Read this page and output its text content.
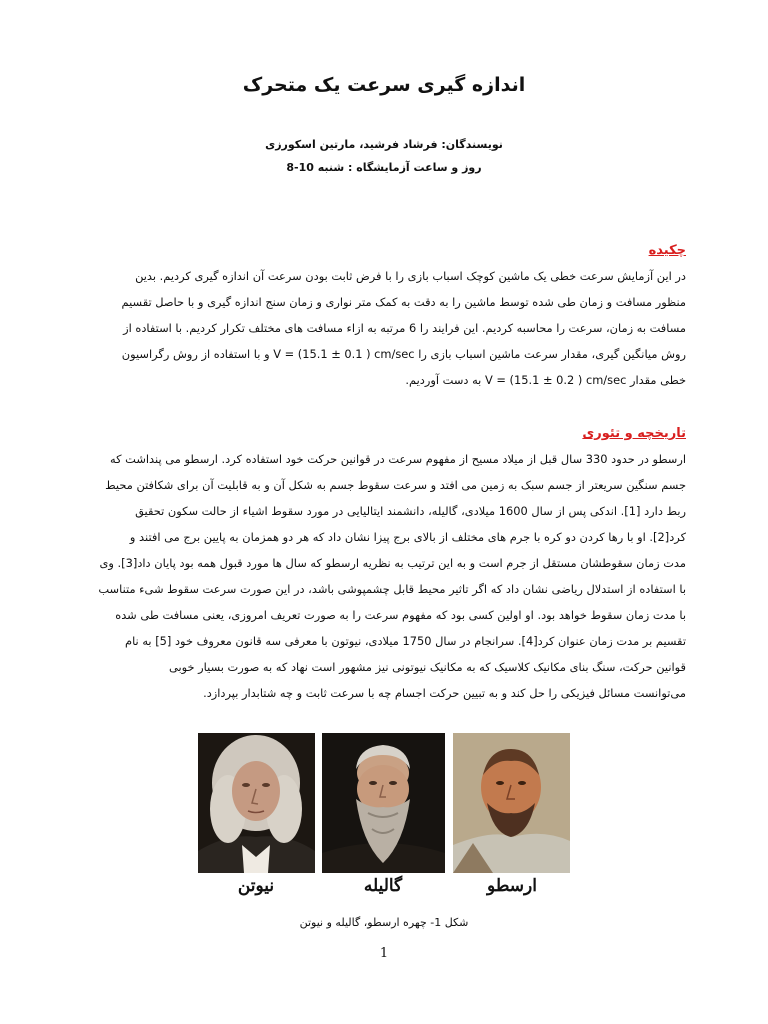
اندازه گیری سرعت یک متحرک
نویسندگان: فرشاد فرشید، مارتین اسکورزی
روز و ساعت آزمایشگاه : شنبه 10-8
چکیده
در این آزمایش سرعت خطی یک ماشین کوچک اسباب بازی را با فرض ثابت بودن سرعت آن اندازه گیری کردیم. بدین
منظور مسافت و زمان طی شده توسط ماشین را به دقت به کمک متر نواری و زمان سنج اندازه گیری و با حاصل تقسیم
مسافت به زمان، سرعت را محاسبه کردیم. این فرایند را 6 مرتبه به ازاء مسافت های مختلف تکرار کردیم. با استفاده از
روش میانگین گیری، مقدار سرعت ماشین اسباب بازی را V = (15.1 ± 0.1 ) cm/sec و با استفاده از روش رگراسیون
خطی مقدار V = (15.1 ± 0.2 ) cm/sec به دست آوردیم.
تاریخچه و تئوری
ارسطو در حدود 330 سال قبل از میلاد مسیح از مفهوم سرعت در قوانین حرکت خود استفاده کرد. ارسطو می پنداشت که
جسم سنگین سریعتر از جسم سبک به زمین می افتد و سرعت سقوط جسم به شکل آن و به قابلیت آن برای شکافتن محیط
ربط دارد [1]. اندکی پس از سال 1600 میلادی، گالیله، دانشمند ایتالیایی در مورد سقوط اشیاء از حالت سکون تحقیق
کرد[2]. او با رها کردن دو کره با جرم های مختلف از بالای برج پیزا نشان داد که هر دو همزمان به پایین برج می افتند و
مدت زمان سقوطشان مستقل از جرم است و به این ترتیب به نظریه ارسطو که سال ها مورد قبول همه بود پایان داد[3]. وی
با استفاده از استدلال ریاضی نشان داد که اگر تاثیر محیط قابل چشمپوشی باشد، در این صورت سرعت سقوط شیء متناسب
با مدت زمان سقوط خواهد بود. او اولین کسی بود که مفهوم سرعت را به صورت تعریف امروزی، یعنی مسافت طی شده
تقسیم بر مدت زمان عنوان کرد[4]. سرانجام در سال 1750 میلادی، نیوتون با معرفی سه قانون معروف خود [5] به نام
قوانین حرکت، سنگ بنای مکانیک کلاسیک که به مکانیک نیوتونی نیز مشهور است نهاد که به صورت بسیار خوبی
می‌توانست مسائل فیزیکی را حل کند و به تبیین حرکت اجسام چه با سرعت ثابت و چه شتابدار بپردازد.
نیوتن	گالیله	ارسطو
شکل 1- چهره ارسطو، گالیله و نیوتن
1
